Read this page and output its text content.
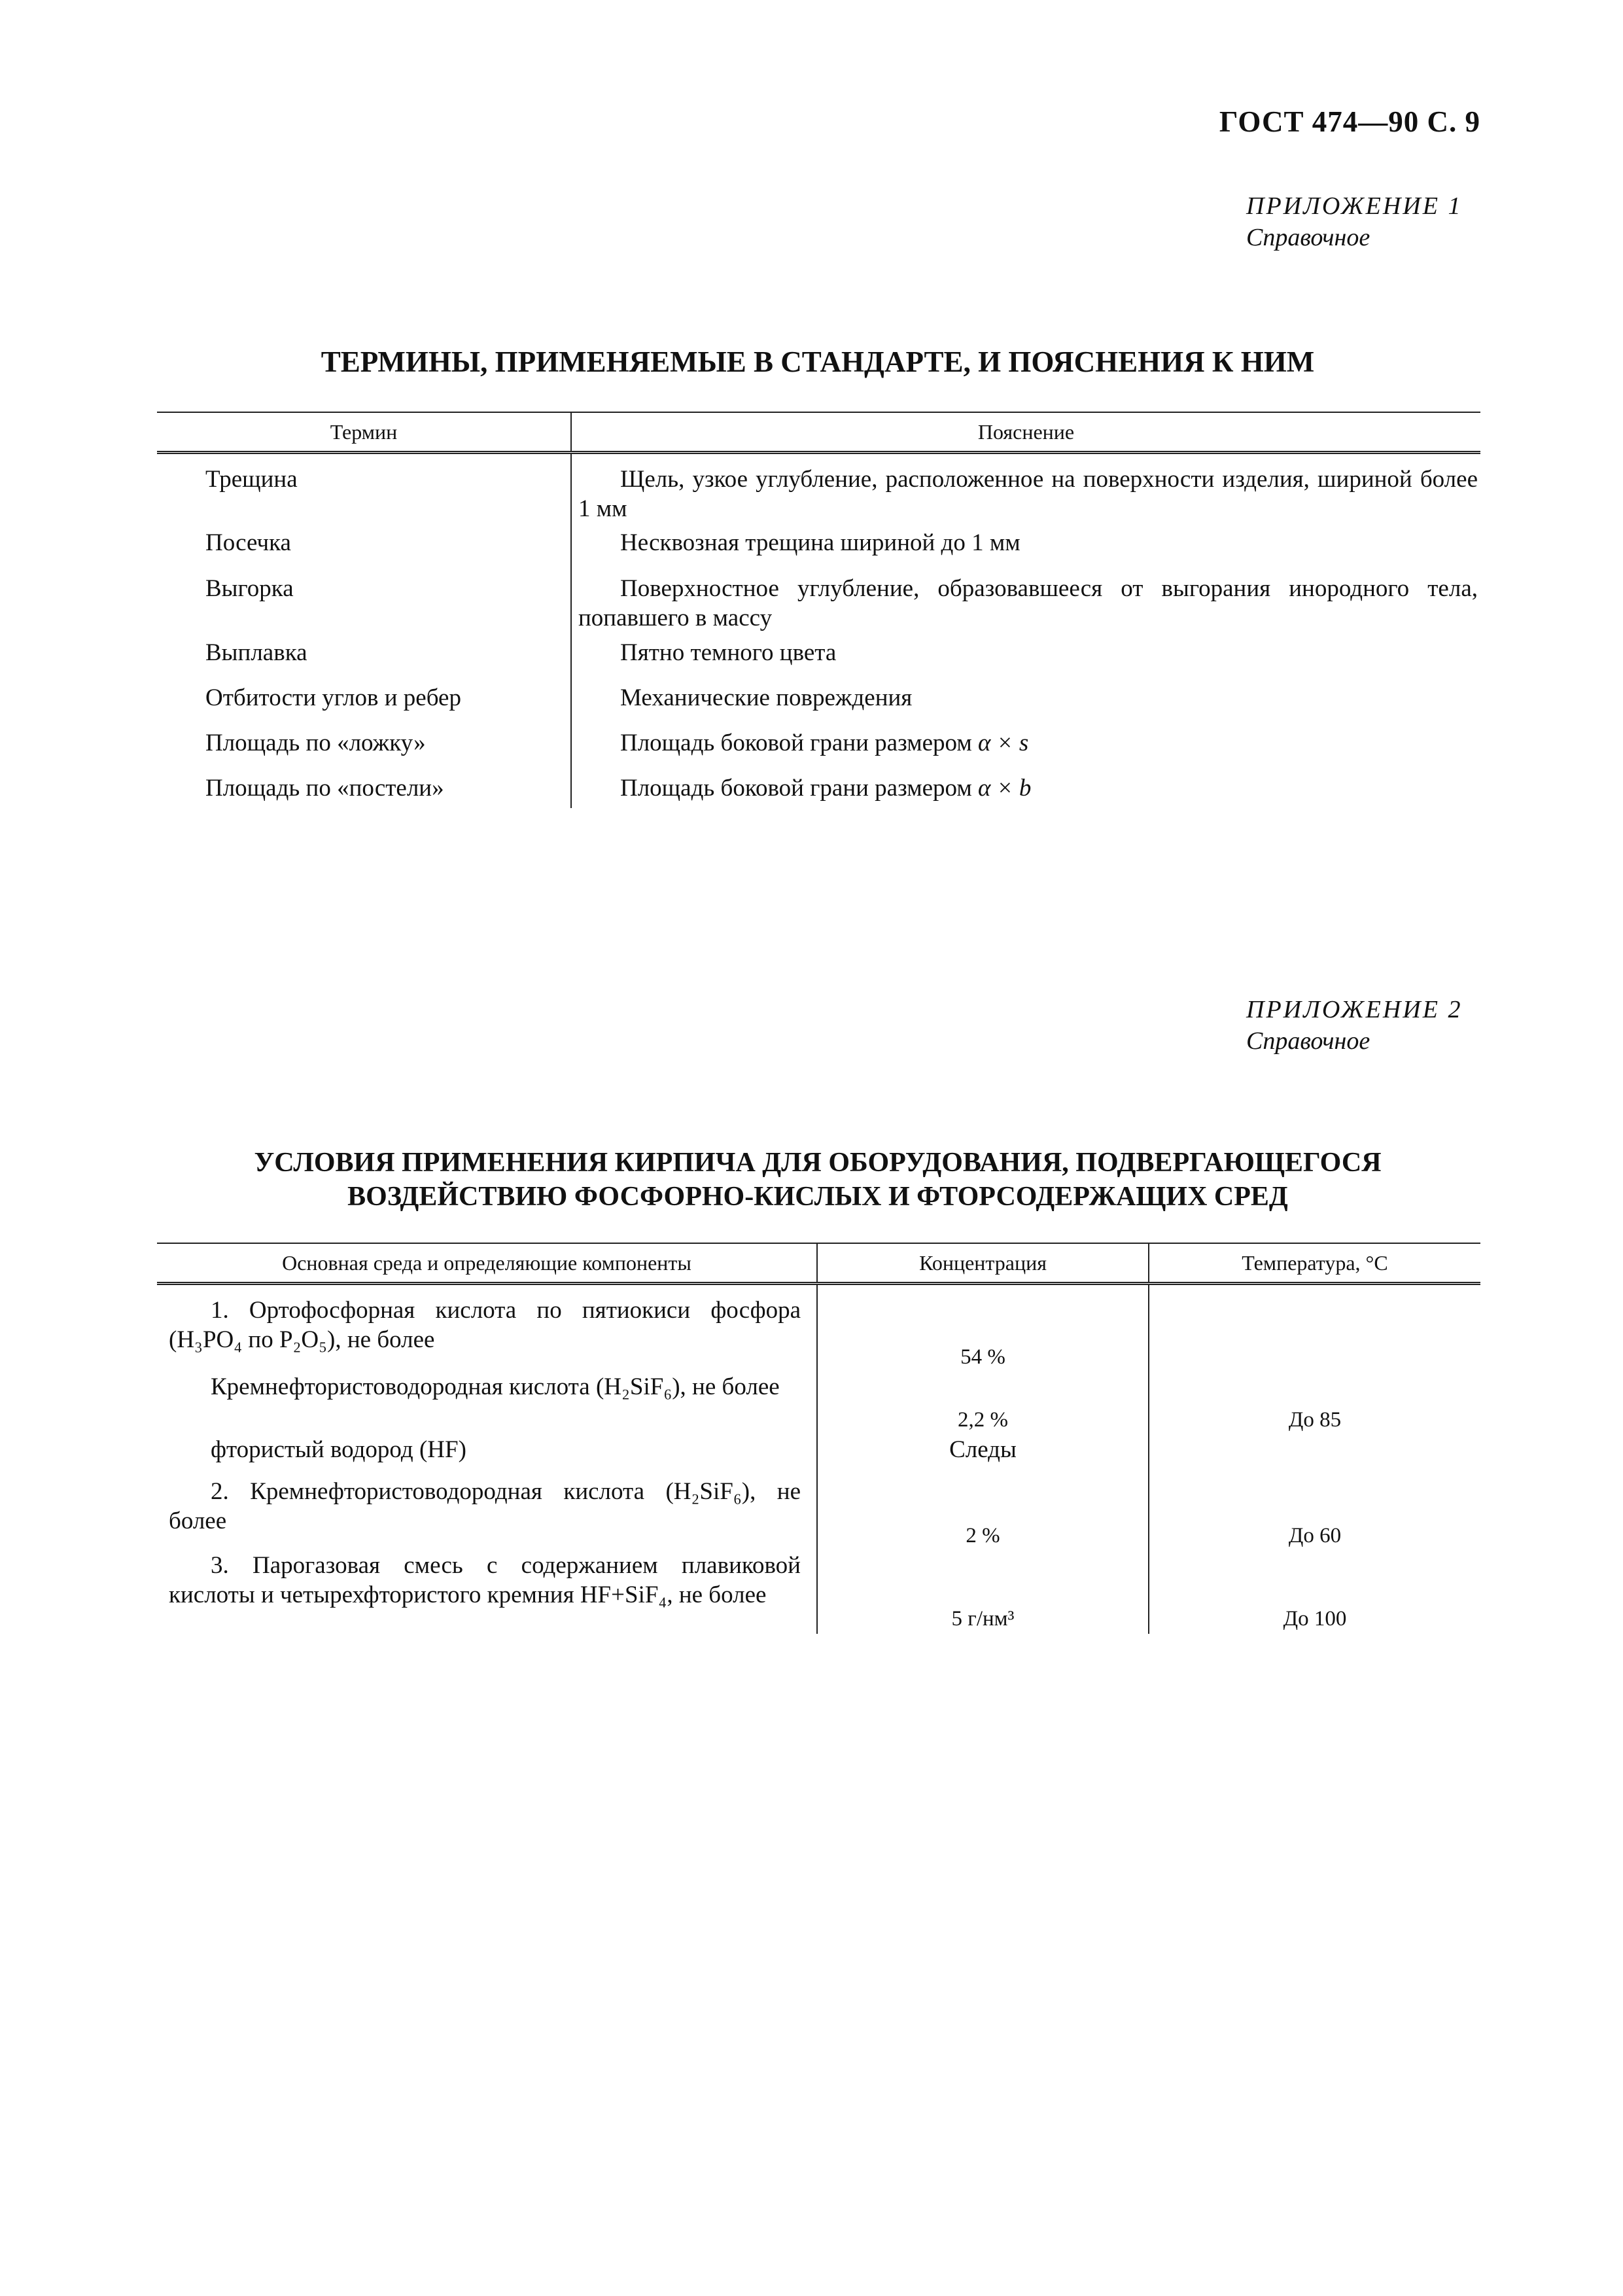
ГОСТ 474—90 С. 9
ПРИЛОЖЕНИЕ 1
Справочное
ТЕРМИНЫ, ПРИМЕНЯЕМЫЕ В СТАНДАРТЕ, И ПОЯСНЕНИЯ К НИМ
Термин	Пояснение
Трещина	Щель, узкое углубление, расположенное на поверхности изделия, шириной более 1 мм

Посечка	Несквозная трещина шириной до 1 мм

Выгорка	Поверхностное углубление, образовавшееся от выгорания инородного тела, попавшего в массу

Выплавка	Пятно темного цвета

Отбитости углов и ребер	Механические повреждения

Площадь по «ложку»	Площадь боковой грани размером α × s

Площадь по «постели»	Площадь боковой грани размером α × b
ПРИЛОЖЕНИЕ 2
Справочное
УСЛОВИЯ ПРИМЕНЕНИЯ КИРПИЧА ДЛЯ ОБОРУДОВАНИЯ, ПОДВЕРГАЮЩЕГОСЯ
ВОЗДЕЙСТВИЮ ФОСФОРНО-КИСЛЫХ И ФТОРСОДЕРЖАЩИХ СРЕД
Основная среда и определяющие компоненты	Концентрация	Температура, °С
1. Ортофосфорная кислота по пятиокиси фосфора (H₃PO₄ по P₂O₅), не более	54 %	
Кремнефтористоводородная кислота (H₂SiF₆), не более	2,2 %	До 85
фтористый водород (HF)	Следы	
2. Кремнефтористоводородная кислота (H₂SiF₆), не более	2 %	До 60
3. Парогазовая смесь с содержанием плавиковой кислоты и четырехфтористого кремния HF+SiF₄, не более	5 г/нм³	До 100
